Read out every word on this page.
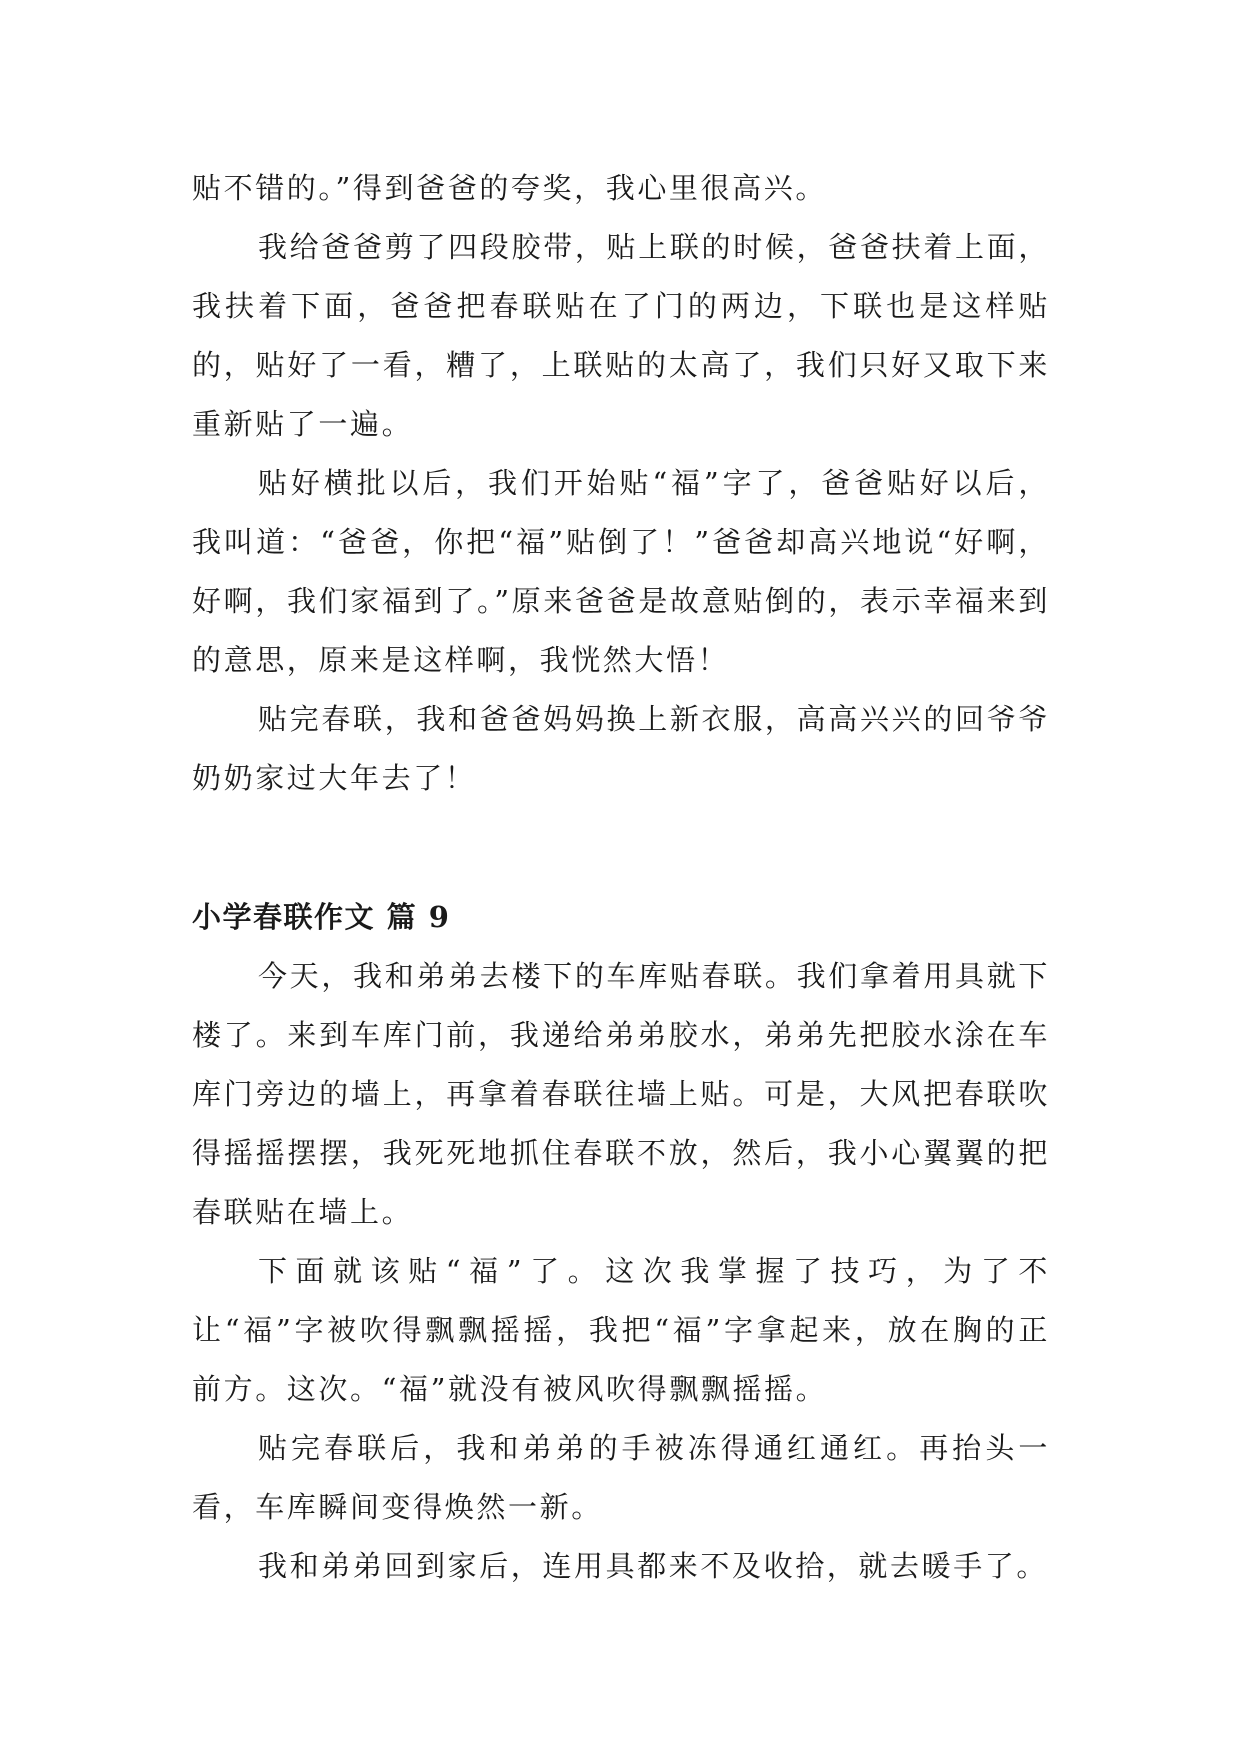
贴不错的。”得到爸爸的夸奖，我心里很高兴。

我给爸爸剪了四段胶带，贴上联的时候，爸爸扶着上面，我扶着下面，爸爸把春联贴在了门的两边，下联也是这样贴的，贴好了一看，糟了，上联贴的太高了，我们只好又取下来重新贴了一遍。

贴好横批以后，我们开始贴“福”字了，爸爸贴好以后，我叫道：“爸爸，你把“福”贴倒了！”爸爸却高兴地说“好啊，好啊，我们家福到了。”原来爸爸是故意贴倒的，表示幸福来到的意思，原来是这样啊，我恍然大悟！

贴完春联，我和爸爸妈妈换上新衣服，高高兴兴的回爷爷奶奶家过大年去了！

小学春联作文 篇 9

今天，我和弟弟去楼下的车库贴春联。我们拿着用具就下楼了。来到车库门前，我递给弟弟胶水，弟弟先把胶水涂在车库门旁边的墙上，再拿着春联往墙上贴。可是，大风把春联吹得摇摇摆摆，我死死地抓住春联不放，然后，我小心翼翼的把春联贴在墙上。

下面就该贴“福”了。这次我掌握了技巧，为了不让“福”字被吹得飘飘摇摇，我把“福”字拿起来，放在胸的正前方。这次。“福”就没有被风吹得飘飘摇摇。

贴完春联后，我和弟弟的手被冻得通红通红。再抬头一看，车库瞬间变得焕然一新。

我和弟弟回到家后，连用具都来不及收拾，就去暖手了。
